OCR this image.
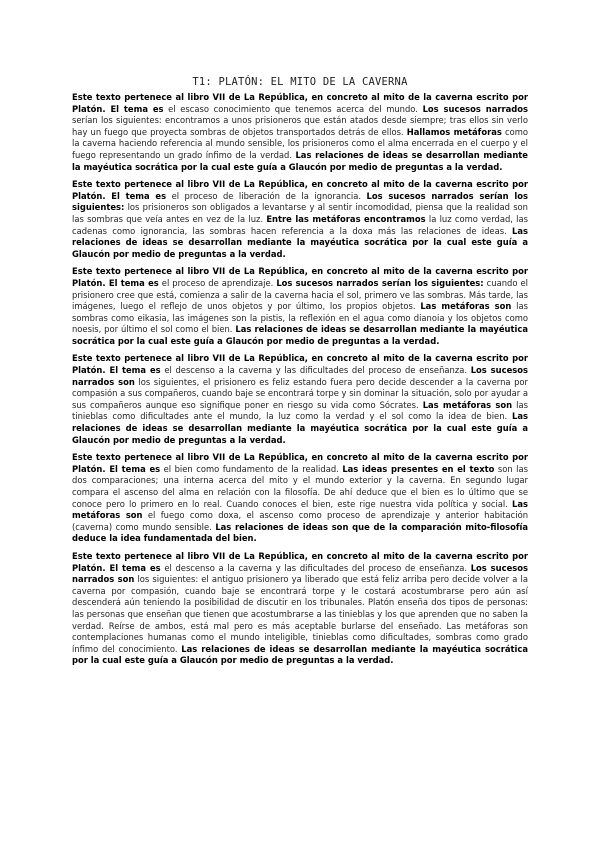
T1: PLATÓN: EL MITO DE LA CAVERNA

Este texto pertenece al libro VII de La República, en concreto al mito de la caverna escrito por Platón. El tema es el escaso conocimiento que tenemos acerca del mundo. Los sucesos narrados serían los siguientes: encontramos a unos prisioneros que están atados desde siempre; tras ellos sin verlo hay un fuego que proyecta sombras de objetos transportados detrás de ellos. Hallamos metáforas como la caverna haciendo referencia al mundo sensible, los prisioneros como el alma encerrada en el cuerpo y el fuego representando un grado ínfimo de la verdad. Las relaciones de ideas se desarrollan mediante la mayéutica socrática por la cual este guía a Glaucón por medio de preguntas a la verdad.

Este texto pertenece al libro VII de La República, en concreto al mito de la caverna escrito por Platón. El tema es el proceso de liberación de la ignorancia. Los sucesos narrados serían los siguientes: los prisioneros son obligados a levantarse y al sentir incomodidad, piensa que la realidad son las sombras que veía antes en vez de la luz. Entre las metáforas encontramos la luz como verdad, las cadenas como ignorancia, las sombras hacen referencia a la doxa más las relaciones de ideas. Las relaciones de ideas se desarrollan mediante la mayéutica socrática por la cual este guía a Glaucón por medio de preguntas a la verdad.

Este texto pertenece al libro VII de La República, en concreto al mito de la caverna escrito por Platón. El tema es el proceso de aprendizaje. Los sucesos narrados serían los siguientes: cuando el prisionero cree que está, comienza a salir de la caverna hacia el sol, primero ve las sombras. Más tarde, las imágenes, luego el reflejo de unos objetos y por último, los propios objetos. Las metáforas son las sombras como eikasia, las imágenes son la pistis, la reflexión en el agua como dianoia y los objetos como noesis, por último el sol como el bien. Las relaciones de ideas se desarrollan mediante la mayéutica socrática por la cual este guía a Glaucón por medio de preguntas a la verdad.

Este texto pertenece al libro VII de La República, en concreto al mito de la caverna escrito por Platón. El tema es el descenso a la caverna y las dificultades del proceso de enseñanza. Los sucesos narrados son los siguientes, el prisionero es feliz estando fuera pero decide descender a la caverna por compasión a sus compañeros, cuando baje se encontrará torpe y sin dominar la situación, solo por ayudar a sus compañeros aunque eso signifique poner en riesgo su vida como Sócrates. Las metáforas son las tinieblas como dificultades ante el mundo, la luz como la verdad y el sol como la idea de bien. Las relaciones de ideas se desarrollan mediante la mayéutica socrática por la cual este guía a Glaucón por medio de preguntas a la verdad.

Este texto pertenece al libro VII de La República, en concreto al mito de la caverna escrito por Platón. El tema es el bien como fundamento de la realidad. Las ideas presentes en el texto son las dos comparaciones; una interna acerca del mito y el mundo exterior y la caverna. En segundo lugar compara el ascenso del alma en relación con la filosofía. De ahí deduce que el bien es lo último que se conoce pero lo primero en lo real. Cuando conoces el bien, este rige nuestra vida política y social. Las metáforas son el fuego como doxa, el ascenso como proceso de aprendizaje y anterior habitación (caverna) como mundo sensible. Las relaciones de ideas son que de la comparación mito-filosofía deduce la idea fundamentada del bien.

Este texto pertenece al libro VII de La República, en concreto al mito de la caverna escrito por Platón. El tema es el descenso a la caverna y las dificultades del proceso de enseñanza. Los sucesos narrados son los siguientes: el antiguo prisionero ya liberado que está feliz arriba pero decide volver a la caverna por compasión, cuando baje se encontrará torpe y le costará acostumbrarse pero aún así descenderá aún teniendo la posibilidad de discutir en los tribunales. Platón enseña dos tipos de personas: las personas que enseñan que tienen que acostumbrarse a las tinieblas y los que aprenden que no saben la verdad. Reírse de ambos, está mal pero es más aceptable burlarse del enseñado. Las metáforas son contemplaciones humanas como el mundo inteligible, tinieblas como dificultades, sombras como grado ínfimo del conocimiento. Las relaciones de ideas se desarrollan mediante la mayéutica socrática por la cual este guía a Glaucón por medio de preguntas a la verdad.
